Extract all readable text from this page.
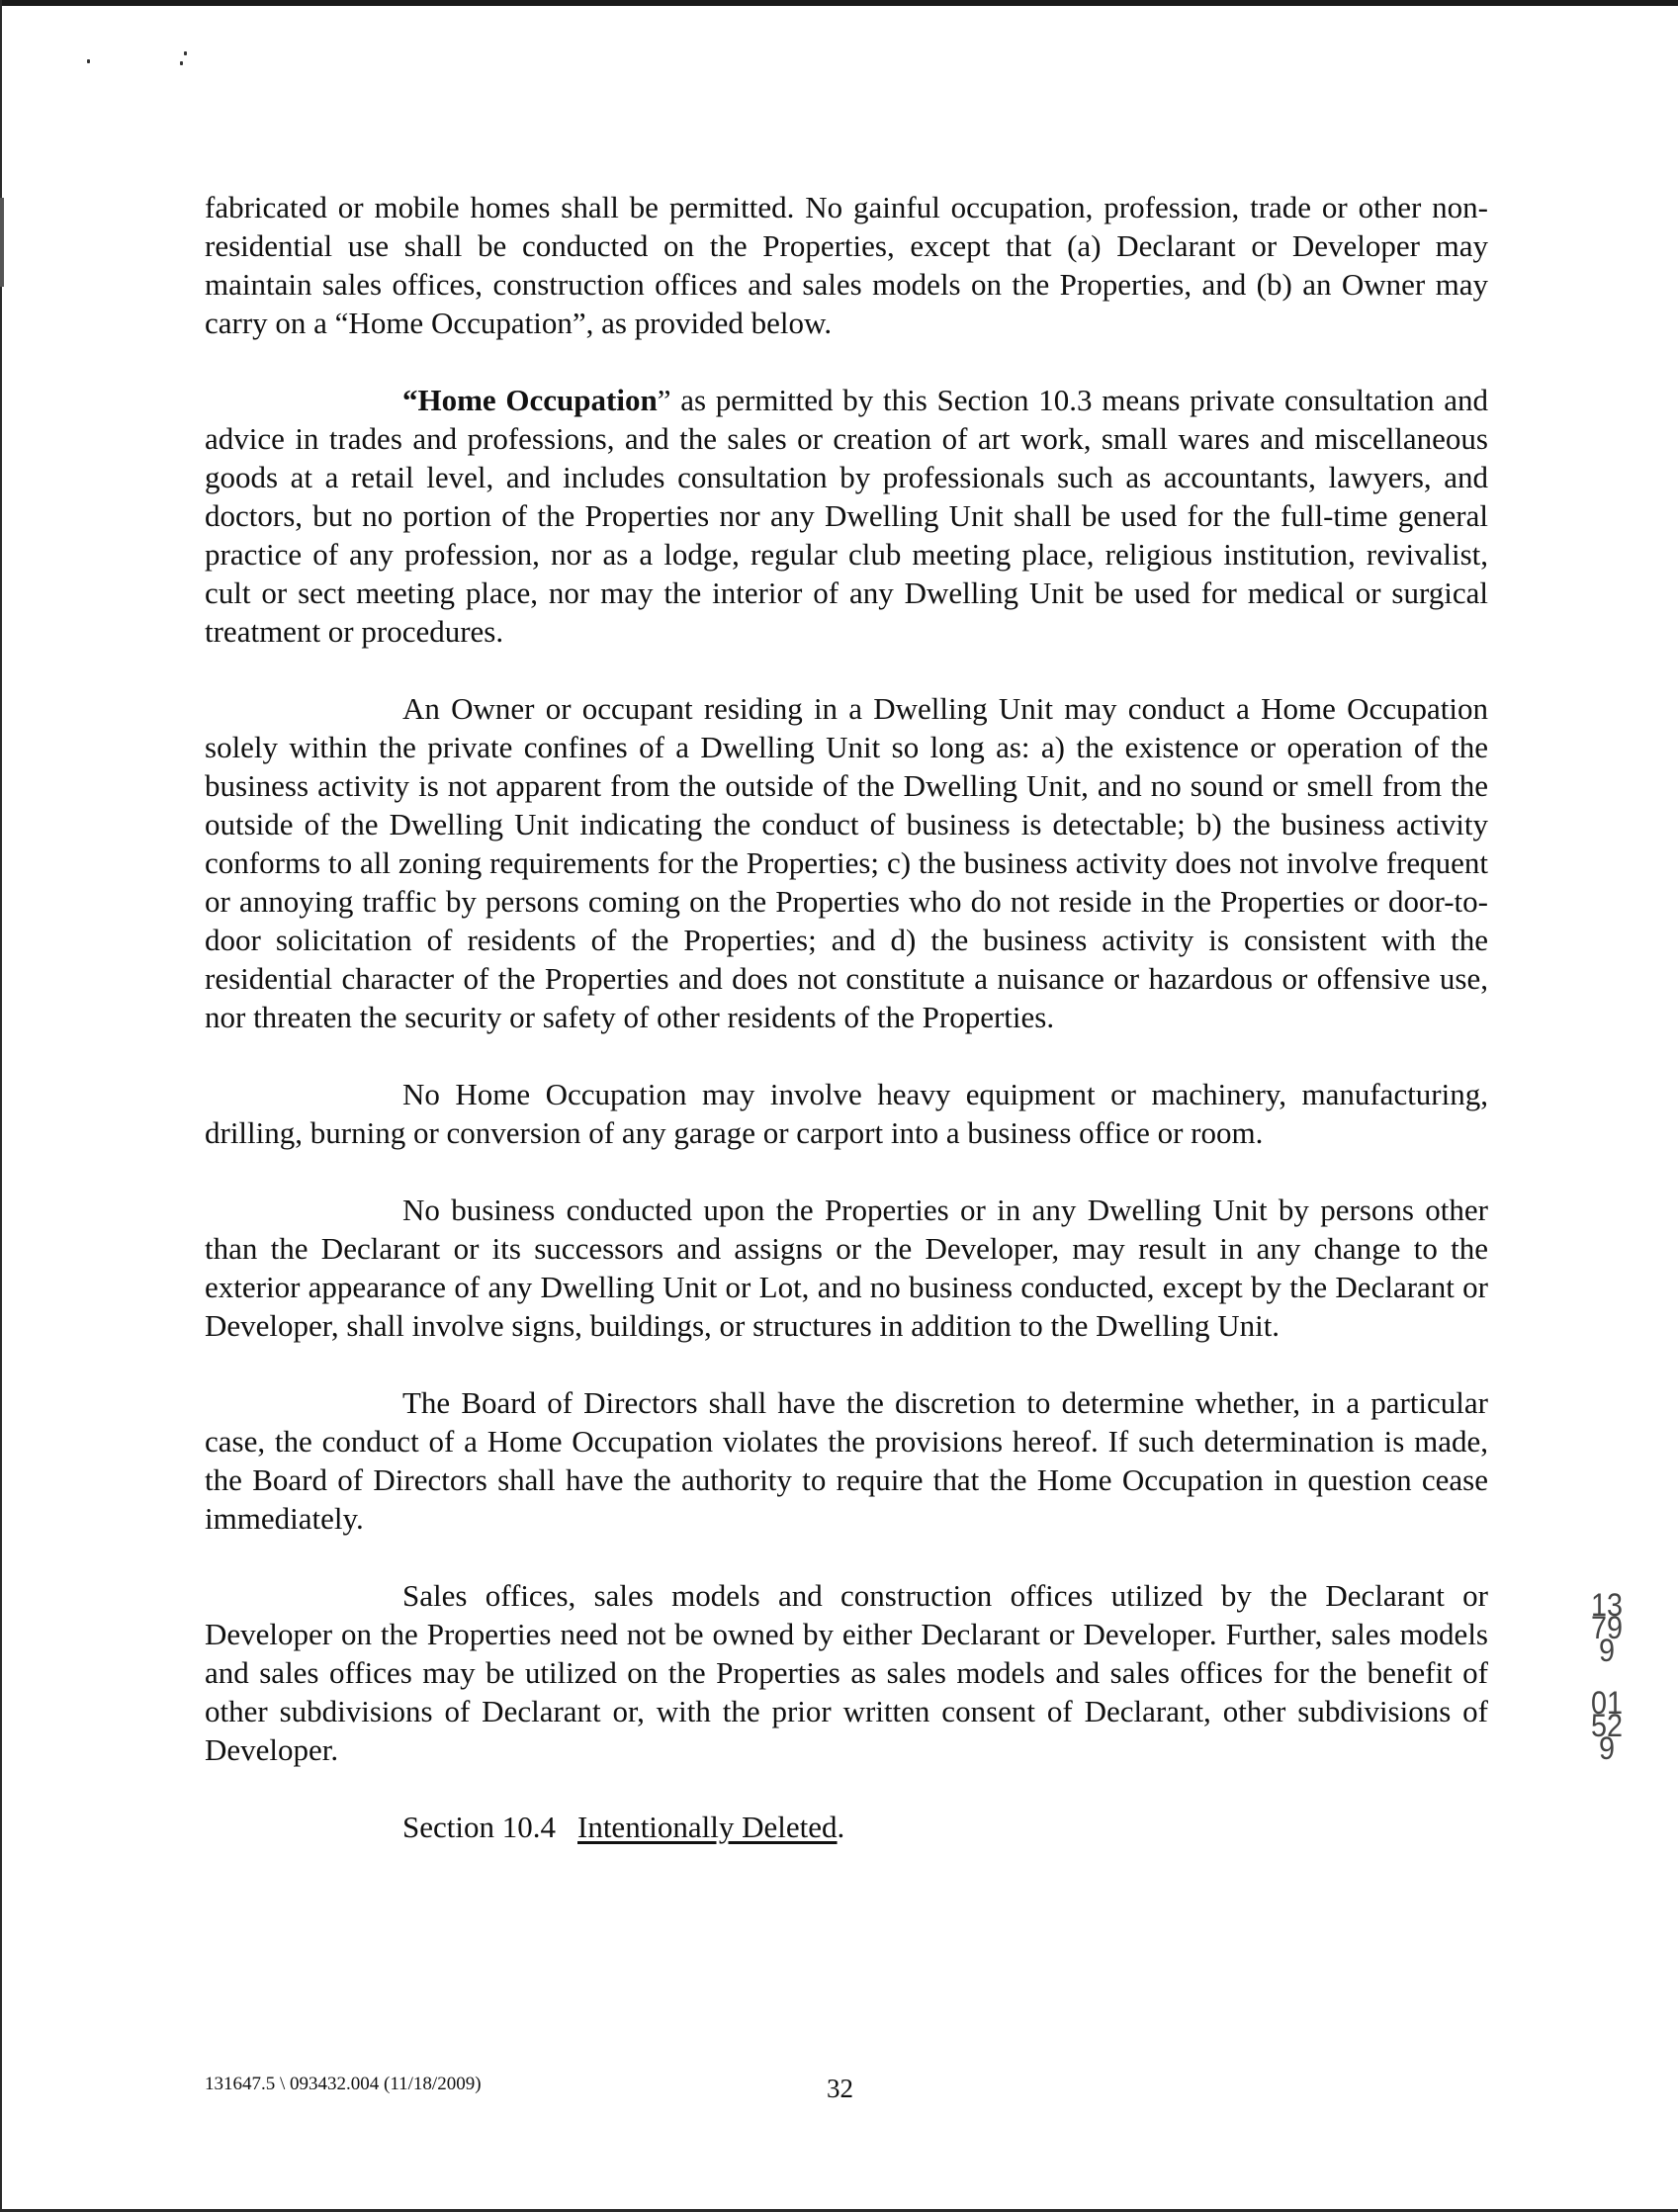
fabricated or mobile homes shall be permitted. No gainful occupation, profession, trade or other non-residential use shall be conducted on the Properties, except that (a) Declarant or Developer may maintain sales offices, construction offices and sales models on the Properties, and (b) an Owner may carry on a “Home Occupation”, as provided below.

“Home Occupation” as permitted by this Section 10.3 means private consultation and advice in trades and professions, and the sales or creation of art work, small wares and miscellaneous goods at a retail level, and includes consultation by professionals such as accountants, lawyers, and doctors, but no portion of the Properties nor any Dwelling Unit shall be used for the full-time general practice of any profession, nor as a lodge, regular club meeting place, religious institution, revivalist, cult or sect meeting place, nor may the interior of any Dwelling Unit be used for medical or surgical treatment or procedures.

An Owner or occupant residing in a Dwelling Unit may conduct a Home Occupation solely within the private confines of a Dwelling Unit so long as: a) the existence or operation of the business activity is not apparent from the outside of the Dwelling Unit, and no sound or smell from the outside of the Dwelling Unit indicating the conduct of business is detectable; b) the business activity conforms to all zoning requirements for the Properties; c) the business activity does not involve frequent or annoying traffic by persons coming on the Properties who do not reside in the Properties or door-to-door solicitation of residents of the Properties; and d) the business activity is consistent with the residential character of the Properties and does not constitute a nuisance or hazardous or offensive use, nor threaten the security or safety of other residents of the Properties.

No Home Occupation may involve heavy equipment or machinery, manufacturing, drilling, burning or conversion of any garage or carport into a business office or room.

No business conducted upon the Properties or in any Dwelling Unit by persons other than the Declarant or its successors and assigns or the Developer, may result in any change to the exterior appearance of any Dwelling Unit or Lot, and no business conducted, except by the Declarant or Developer, shall involve signs, buildings, or structures in addition to the Dwelling Unit.

The Board of Directors shall have the discretion to determine whether, in a particular case, the conduct of a Home Occupation violates the provisions hereof. If such determination is made, the Board of Directors shall have the authority to require that the Home Occupation in question cease immediately.

Sales offices, sales models and construction offices utilized by the Declarant or Developer on the Properties need not be owned by either Declarant or Developer. Further, sales models and sales offices may be utilized on the Properties as sales models and sales offices for the benefit of other subdivisions of Declarant or, with the prior written consent of Declarant, other subdivisions of Developer.

Section 10.4 Intentionally Deleted.

13799
01529
131647.5 \ 093432.004 (11/18/2009)	32
